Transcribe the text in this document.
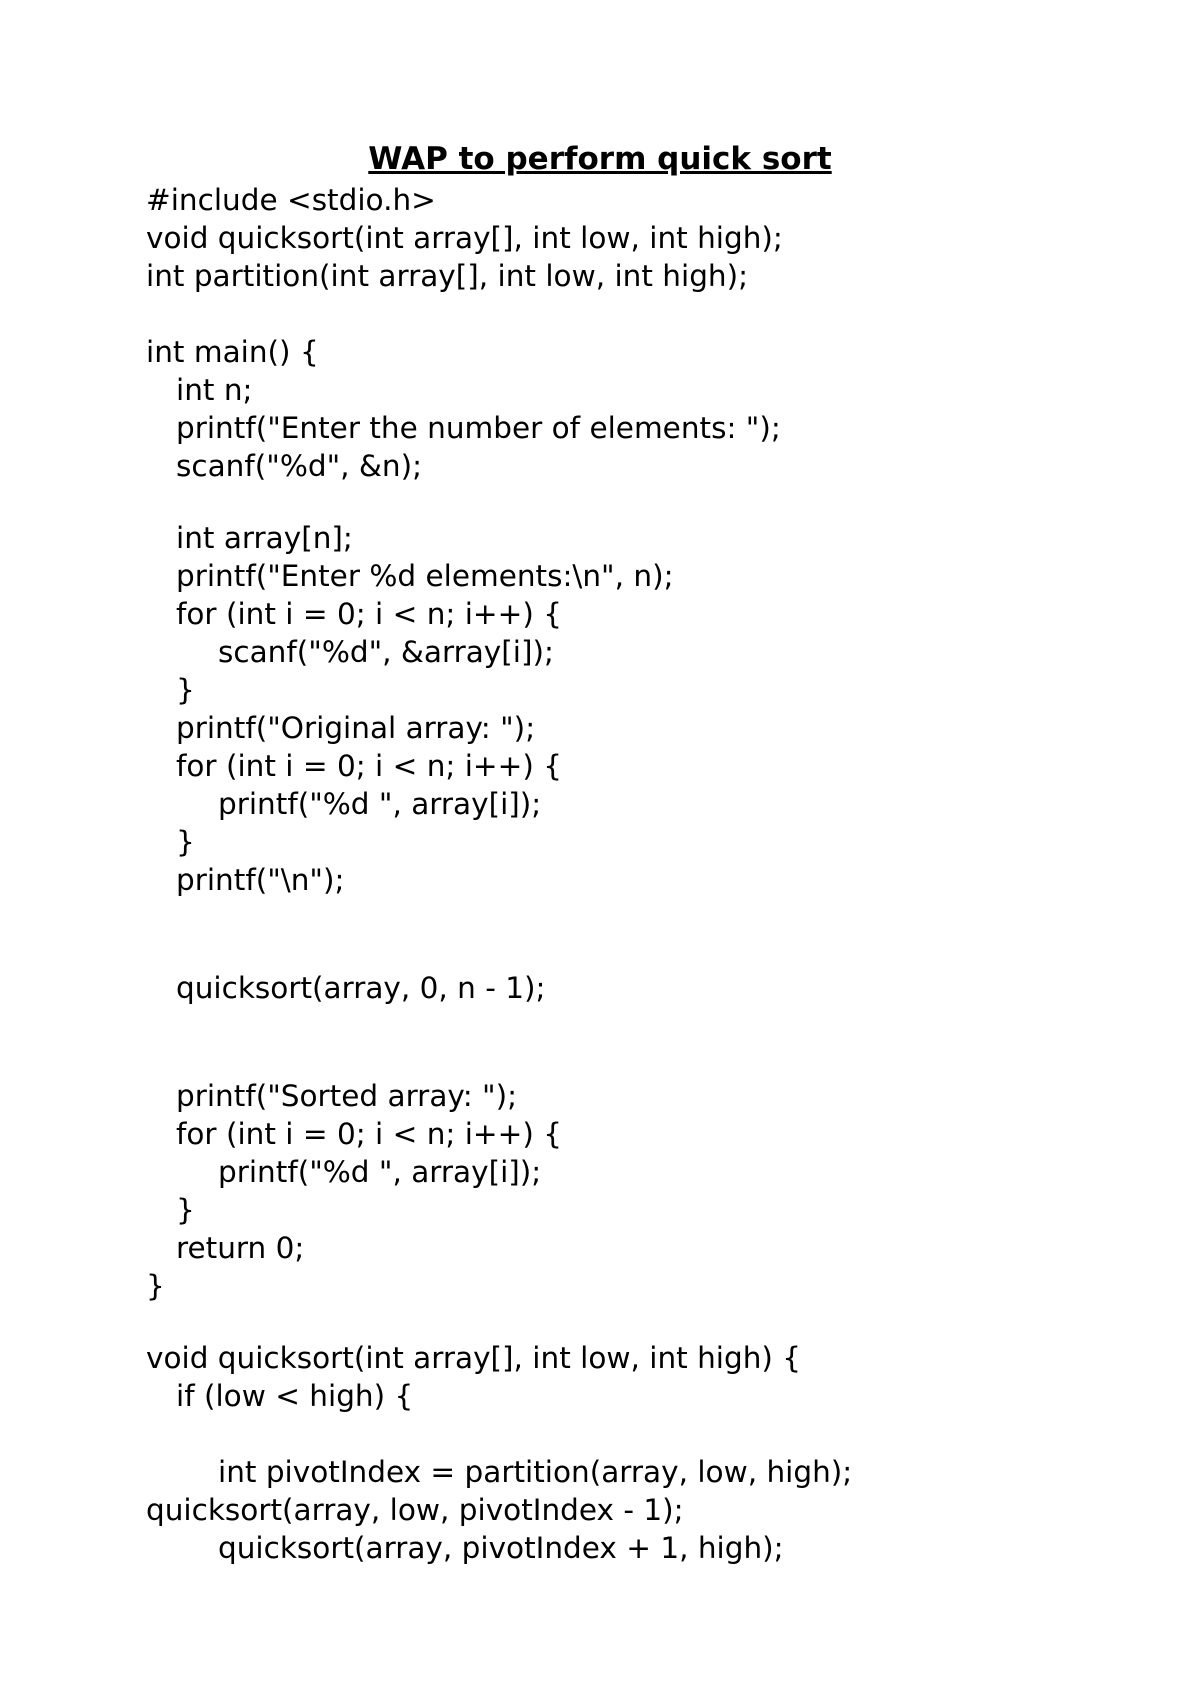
WAP to perform quick sort
#include <stdio.h>
void quicksort(int array[], int low, int high);
int partition(int array[], int low, int high);
int main() {
int n;
printf("Enter the number of elements: ");
scanf("%d", &n);
int array[n];
printf("Enter %d elements:\n", n);
for (int i = 0; i < n; i++) {
scanf("%d", &array[i]);
}
printf("Original array: ");
for (int i = 0; i < n; i++) {
printf("%d ", array[i]);
}
printf("\n");
quicksort(array, 0, n - 1);
printf("Sorted array: ");
for (int i = 0; i < n; i++) {
printf("%d ", array[i]);
}
return 0;
}
void quicksort(int array[], int low, int high) {
if (low < high) {
int pivotIndex = partition(array, low, high);
quicksort(array, low, pivotIndex - 1);
quicksort(array, pivotIndex + 1, high);
